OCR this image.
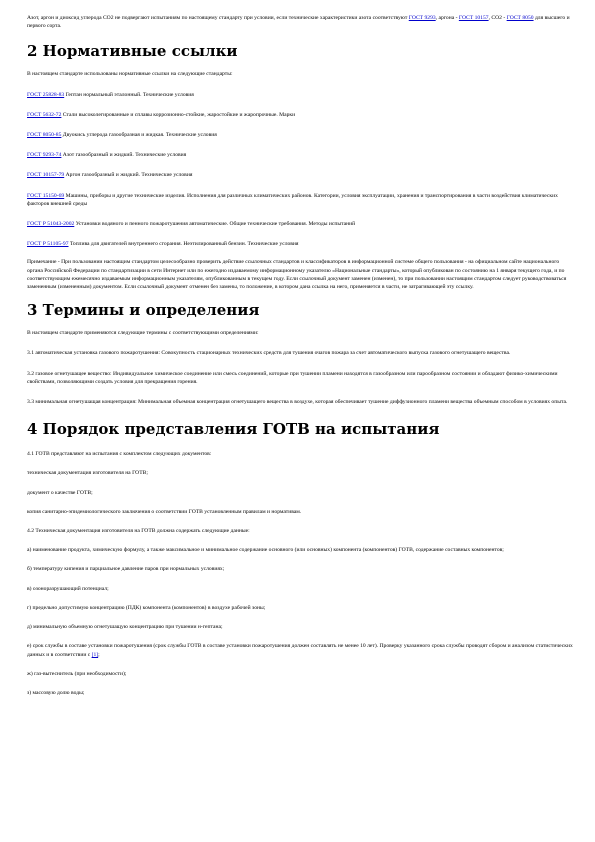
Азот, аргон и диоксид углерода СО2 не подвергают испытаниям по настоящему стандарту при условии, если технические характеристики азота соответствуют ГОСТ 9293, аргона - ГОСТ 10157, CO2 - ГОСТ 8050 для высшего и первого сорта.

2 Нормативные ссылки

В настоящем стандарте использованы нормативные ссылки на следующие стандарты:

ГОСТ 25828-83 Гептан нормальный эталонный. Технические условия

ГОСТ 5632-72 Стали высоколегированные и сплавы коррозионно-стойкие, жаростойкие и жаропрочные. Марки

ГОСТ 8050-85 Двуокись углерода газообразная и жидкая. Технические условия

ГОСТ 9293-74 Азот газообразный и жидкий. Технические условия

ГОСТ 10157-79 Аргон газообразный и жидкий. Технические условия

ГОСТ 15150-69 Машины, приборы и другие технические изделия. Исполнения для различных климатических районов. Категории, условия эксплуатации, хранения и транспортирования в части воздействия климатических факторов внешней среды

ГОСТ Р 51043-2002 Установки водяного и пенного пожаротушения автоматические. Общие технические требования. Методы испытаний

ГОСТ Р 51105-97 Топлива для двигателей внутреннего сгорания. Неэтилированный бензин. Технические условия

Примечание - При пользовании настоящим стандартом целесообразно проверить действие ссылочных стандартов и классификаторов в информационной системе общего пользования - на официальном сайте национального органа Российской Федерации по стандартизации в сети Интернет или по ежегодно издаваемому информационному указателю «Национальные стандарты», который опубликован по состоянию на 1 января текущего года, и по соответствующим ежемесячно издаваемым информационным указателям, опубликованным в текущем году. Если ссылочный документ заменен (изменен), то при пользовании настоящим стандартом следует руководствоваться замененным (измененным) документом. Если ссылочный документ отменен без замены, то положение, в котором дана ссылка на него, применяется в части, не затрагивающей эту ссылку.

3 Термины и определения

В настоящем стандарте применяются следующие термины с соответствующими определениями:

3.1 автоматическая установка газового пожаротушения: Совокупность стационарных технических средств для тушения очагов пожара за счет автоматического выпуска газового огнетушащего вещества.

3.2 газовое огнетушащее вещество: Индивидуальное химическое соединение или смесь соединений, которые при тушении пламени находятся в газообразном или парообразном состоянии и обладают физико-химическими свойствами, позволяющими создать условия для прекращения горения.

3.3 минимальная огнетушащая концентрация: Минимальная объемная концентрация огнетушащего вещества в воздухе, которая обеспечивает тушение диффузионного пламени вещества объемным способом в условиях опыта.

4 Порядок представления ГОТВ на испытания

4.1 ГОТВ представляют на испытания с комплектом следующих документов:

техническая документация изготовителя на ГОТВ;

документ о качестве ГОТВ;

копия санитарно-эпидемиологического заключения о соответствии ГОТВ установленным правилам и нормативам.

4.2 Техническая документация изготовителя на ГОТВ должна содержать следующие данные:

а) наименование продукта, химическую формулу, а также максимальное и минимальное содержание основного (или основных) компонента (компонентов) ГОТВ, содержание составных компонентов;

б) температуру кипения и парциальное давление паров при нормальных условиях;

в) озоноразрушающий потенциал;

г) предельно допустимую концентрацию (ПДК) компонента (компонентов) в воздухе рабочей зоны;

д) минимальную объемную огнетушащую концентрацию при тушении н-гептана;

е) срок службы в составе установки пожаротушения (срок службы ГОТВ в составе установки пожаротушения должен составлять не менее 10 лет). Проверку указанного срока службы проводят сбором и анализом статистических данных и в соответствии с [1];

ж) газ-вытеснитель (при необходимости);

з) массовую долю воды;
